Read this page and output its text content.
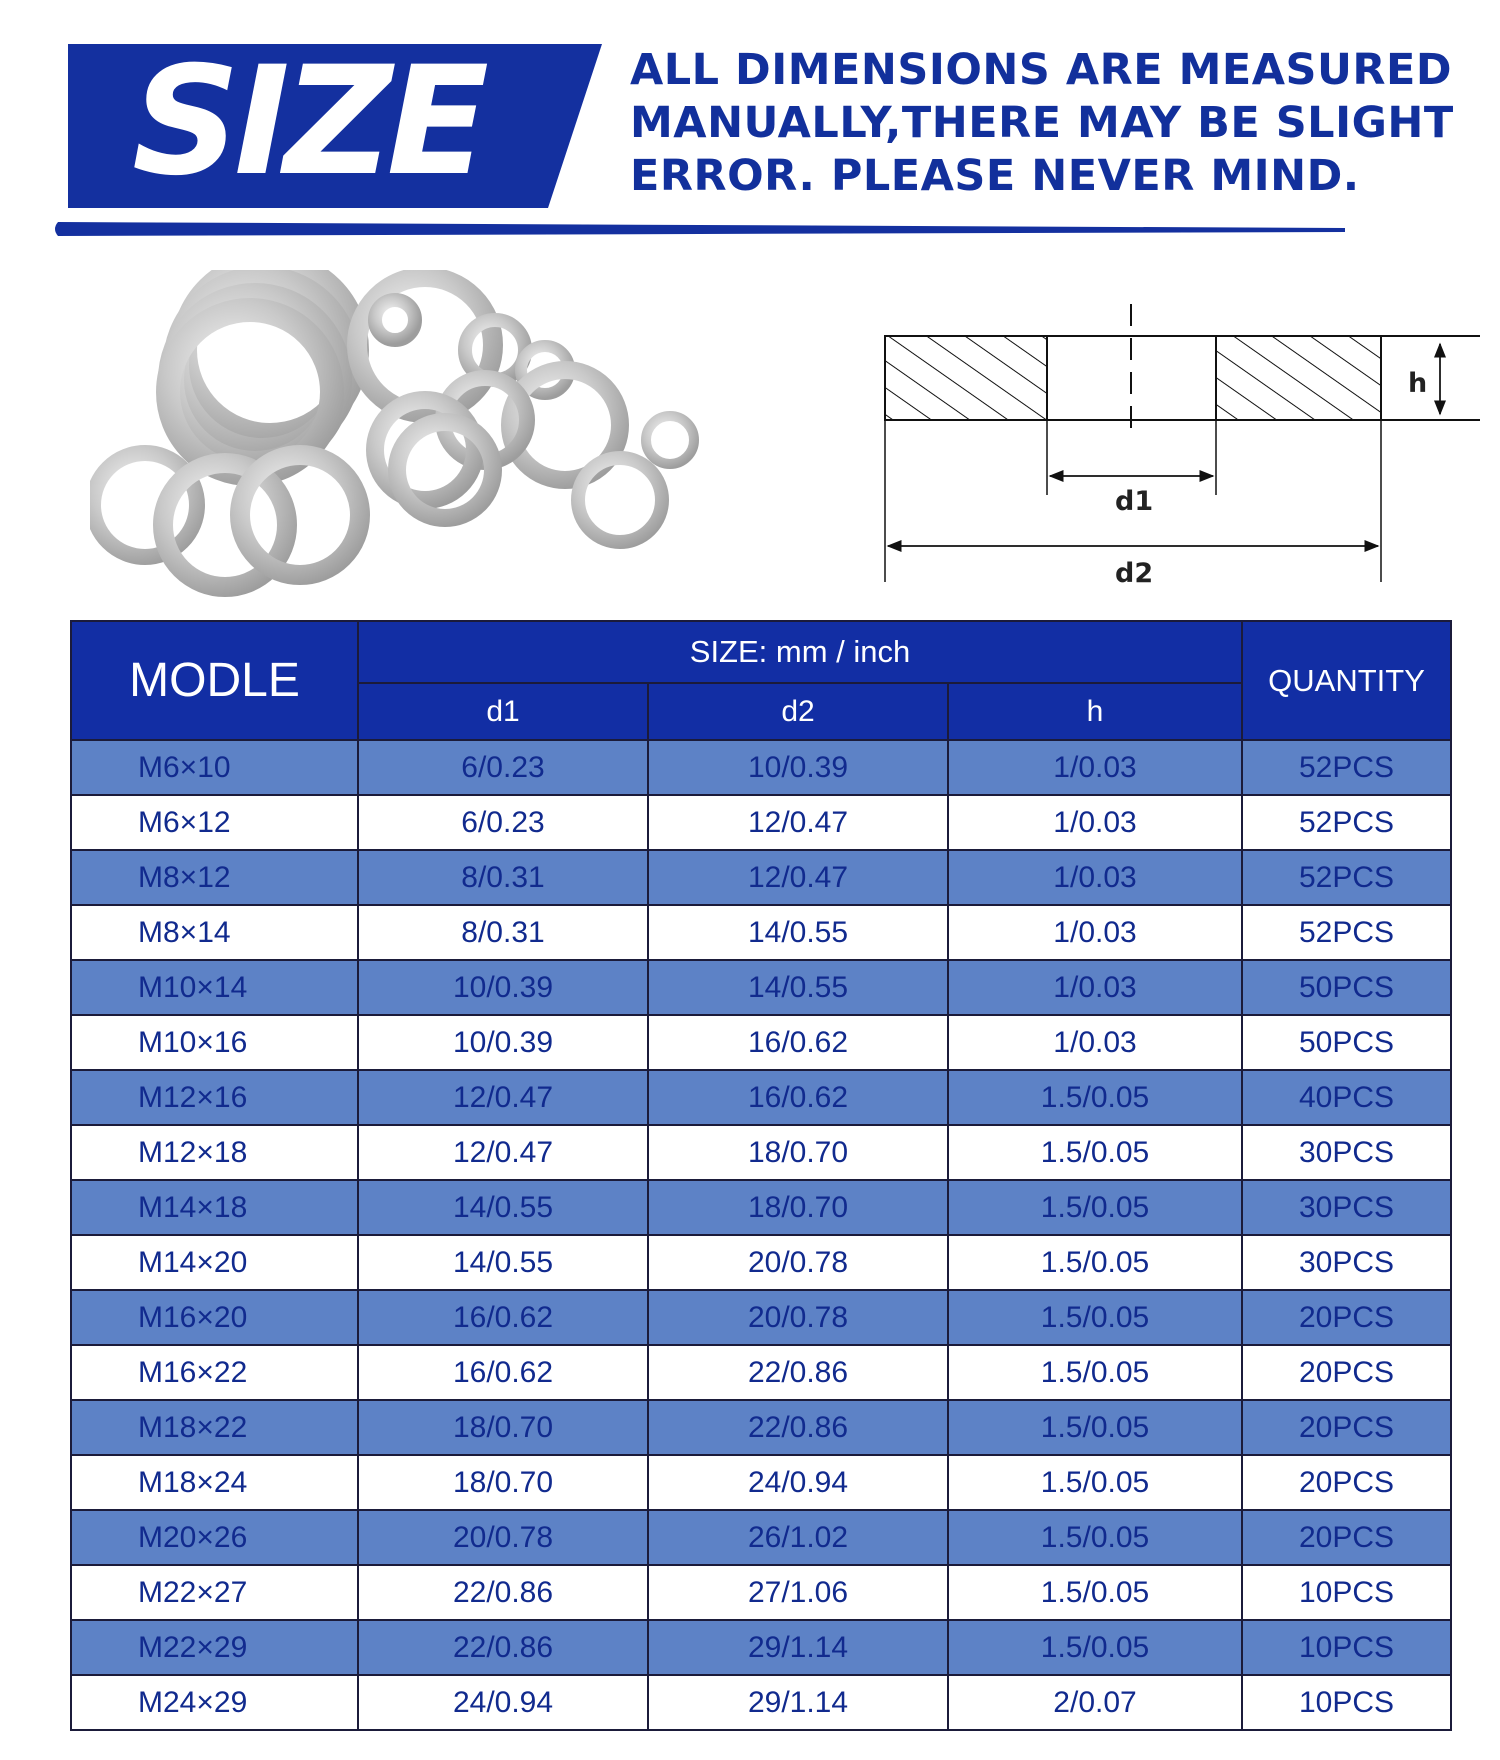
SIZE	ALL DIMENSIONS ARE MEASURED
MANUALLY,THERE MAY BE SLIGHT
ERROR. PLEASE NEVER MIND.
h
d1
d2
MODLE	SIZE: mm / inch			QUANTITY
	d1	d2	h	
M6×10	6/0.23	10/0.39	1/0.03	52PCS
M6×12	6/0.23	12/0.47	1/0.03	52PCS
M8×12	8/0.31	12/0.47	1/0.03	52PCS
M8×14	8/0.31	14/0.55	1/0.03	52PCS
M10×14	10/0.39	14/0.55	1/0.03	50PCS
M10×16	10/0.39	16/0.62	1/0.03	50PCS
M12×16	12/0.47	16/0.62	1.5/0.05	40PCS
M12×18	12/0.47	18/0.70	1.5/0.05	30PCS
M14×18	14/0.55	18/0.70	1.5/0.05	30PCS
M14×20	14/0.55	20/0.78	1.5/0.05	30PCS
M16×20	16/0.62	20/0.78	1.5/0.05	20PCS
M16×22	16/0.62	22/0.86	1.5/0.05	20PCS
M18×22	18/0.70	22/0.86	1.5/0.05	20PCS
M18×24	18/0.70	24/0.94	1.5/0.05	20PCS
M20×26	20/0.78	26/1.02	1.5/0.05	20PCS
M22×27	22/0.86	27/1.06	1.5/0.05	10PCS
M22×29	22/0.86	29/1.14	1.5/0.05	10PCS
M24×29	24/0.94	29/1.14	2/0.07	10PCS
